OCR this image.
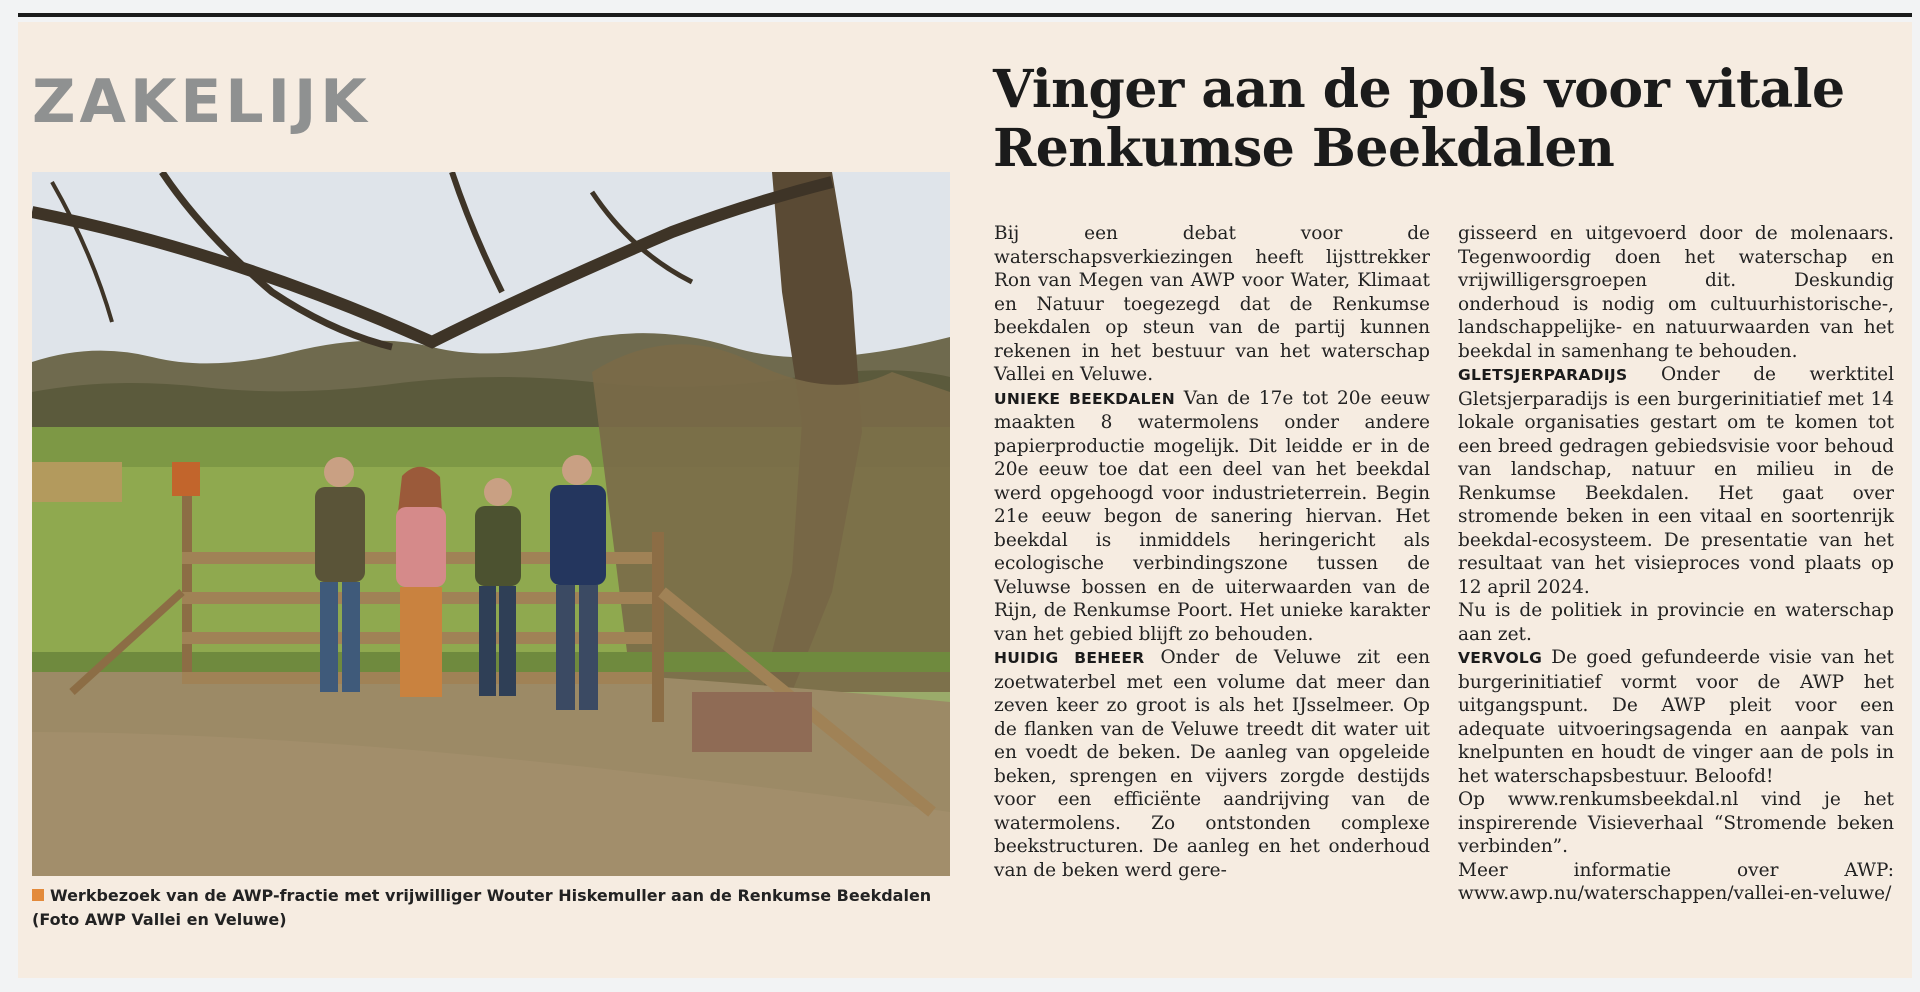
ZAKELIJK	Vinger aan de pols voor vitale Renkumse Beekdalen
Werkbezoek van de AWP-fractie met vrijwilliger Wouter Hiskemuller aan de Renkumse Beekdalen (Foto AWP Vallei en Veluwe)

Bij een debat voor de waterschapsverkiezingen heeft lijsttrekker Ron van Megen van AWP voor Water, Klimaat en Natuur toegezegd dat de Renkumse beekdalen op steun van de partij kunnen rekenen in het bestuur van het waterschap Vallei en Veluwe.

UNIEKE BEEKDALEN Van de 17e tot 20e eeuw maakten 8 watermolens onder andere papierproductie mogelijk. Dit leidde er in de 20e eeuw toe dat een deel van het beekdal werd opgehoogd voor industrieterrein. Begin 21e eeuw begon de sanering hiervan. Het beekdal is inmiddels heringericht als ecologische verbindingszone tussen de Veluwse bossen en de uiterwaarden van de Rijn, de Renkumse Poort. Het unieke karakter van het gebied blijft zo behouden.

HUIDIG BEHEER Onder de Veluwe zit een zoetwaterbel met een volume dat meer dan zeven keer zo groot is als het IJsselmeer. Op de flanken van de Veluwe treedt dit water uit en voedt de beken. De aanleg van opgeleide beken, sprengen en vijvers zorgde destijds voor een efficiënte aandrijving van de watermolens. Zo ontstonden complexe beekstructuren. De aanleg en het onderhoud van de beken werd gere-

gisseerd en uitgevoerd door de molenaars. Tegenwoordig doen het waterschap en vrijwilligersgroepen dit. Deskundig onderhoud is nodig om cultuurhistorische-, landschappelijke- en natuurwaarden van het beekdal in samenhang te behouden.

GLETSJERPARADIJS Onder de werktitel Gletsjerparadijs is een burgerinitiatief met 14 lokale organisaties gestart om te komen tot een breed gedragen gebiedsvisie voor behoud van landschap, natuur en milieu in de Renkumse Beekdalen. Het gaat over stromende beken in een vitaal en soortenrijk beekdal-ecosysteem. De presentatie van het resultaat van het visieproces vond plaats op 12 april 2024.

Nu is de politiek in provincie en waterschap aan zet.

VERVOLG De goed gefundeerde visie van het burgerinitiatief vormt voor de AWP het uitgangspunt. De AWP pleit voor een adequate uitvoeringsagenda en aanpak van knelpunten en houdt de vinger aan de pols in het waterschapsbestuur. Beloofd!

Op www.renkumsbeekdal.nl vind je het inspirerende Visieverhaal “Stromende beken verbinden”.

Meer informatie over AWP: www.awp.nu/waterschappen/vallei-en-veluwe/
